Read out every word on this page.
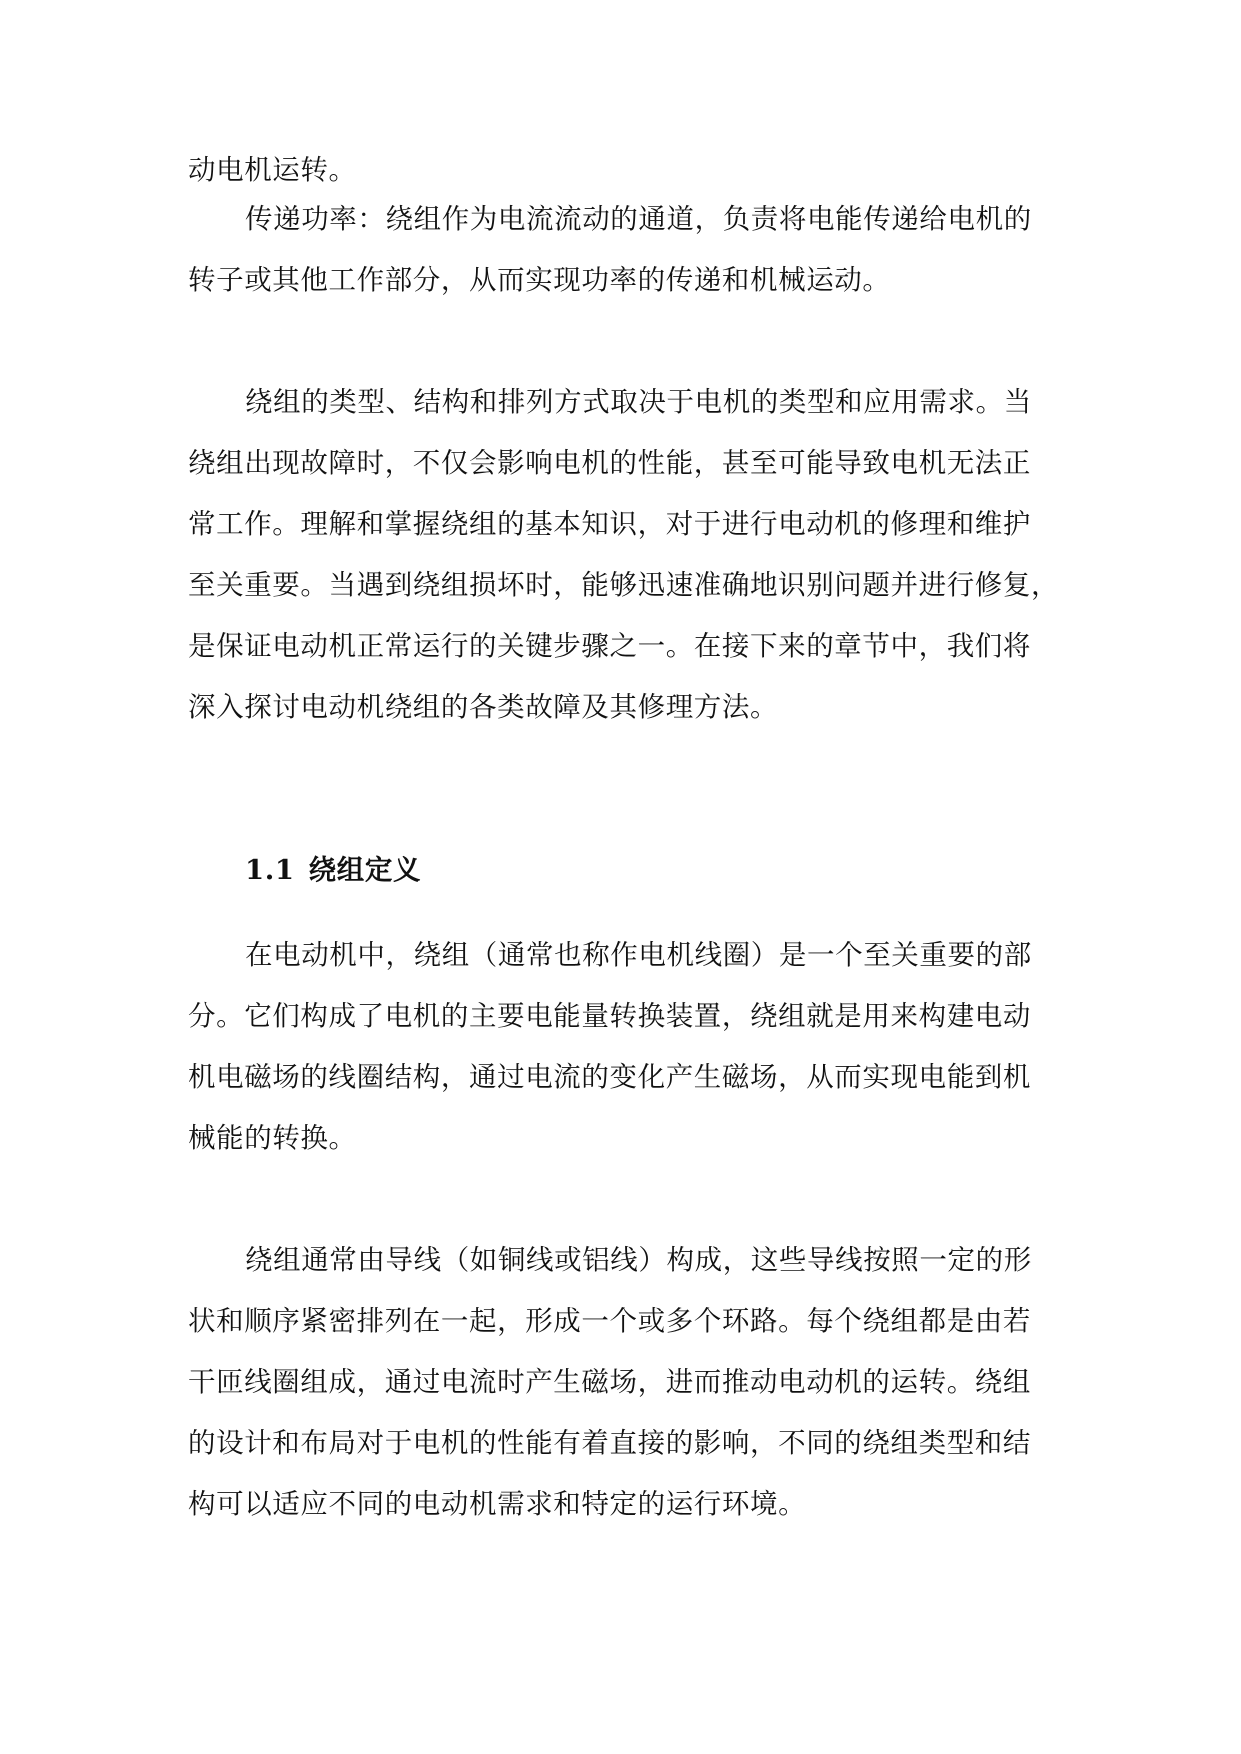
动电机运转。

传递功率：绕组作为电流流动的通道，负责将电能传递给电机的
转子或其他工作部分，从而实现功率的传递和机械运动。

绕组的类型、结构和排列方式取决于电机的类型和应用需求。当
绕组出现故障时，不仅会影响电机的性能，甚至可能导致电机无法正
常工作。理解和掌握绕组的基本知识，对于进行电动机的修理和维护
至关重要。当遇到绕组损坏时，能够迅速准确地识别问题并进行修复，
是保证电动机正常运行的关键步骤之一。在接下来的章节中，我们将
深入探讨电动机绕组的各类故障及其修理方法。

1.1 绕组定义

在电动机中，绕组（通常也称作电机线圈）是一个至关重要的部
分。它们构成了电机的主要电能量转换装置，绕组就是用来构建电动
机电磁场的线圈结构，通过电流的变化产生磁场，从而实现电能到机
械能的转换。

绕组通常由导线（如铜线或铝线）构成，这些导线按照一定的形
状和顺序紧密排列在一起，形成一个或多个环路。每个绕组都是由若
干匝线圈组成，通过电流时产生磁场，进而推动电动机的运转。绕组
的设计和布局对于电机的性能有着直接的影响，不同的绕组类型和结
构可以适应不同的电动机需求和特定的运行环境。
